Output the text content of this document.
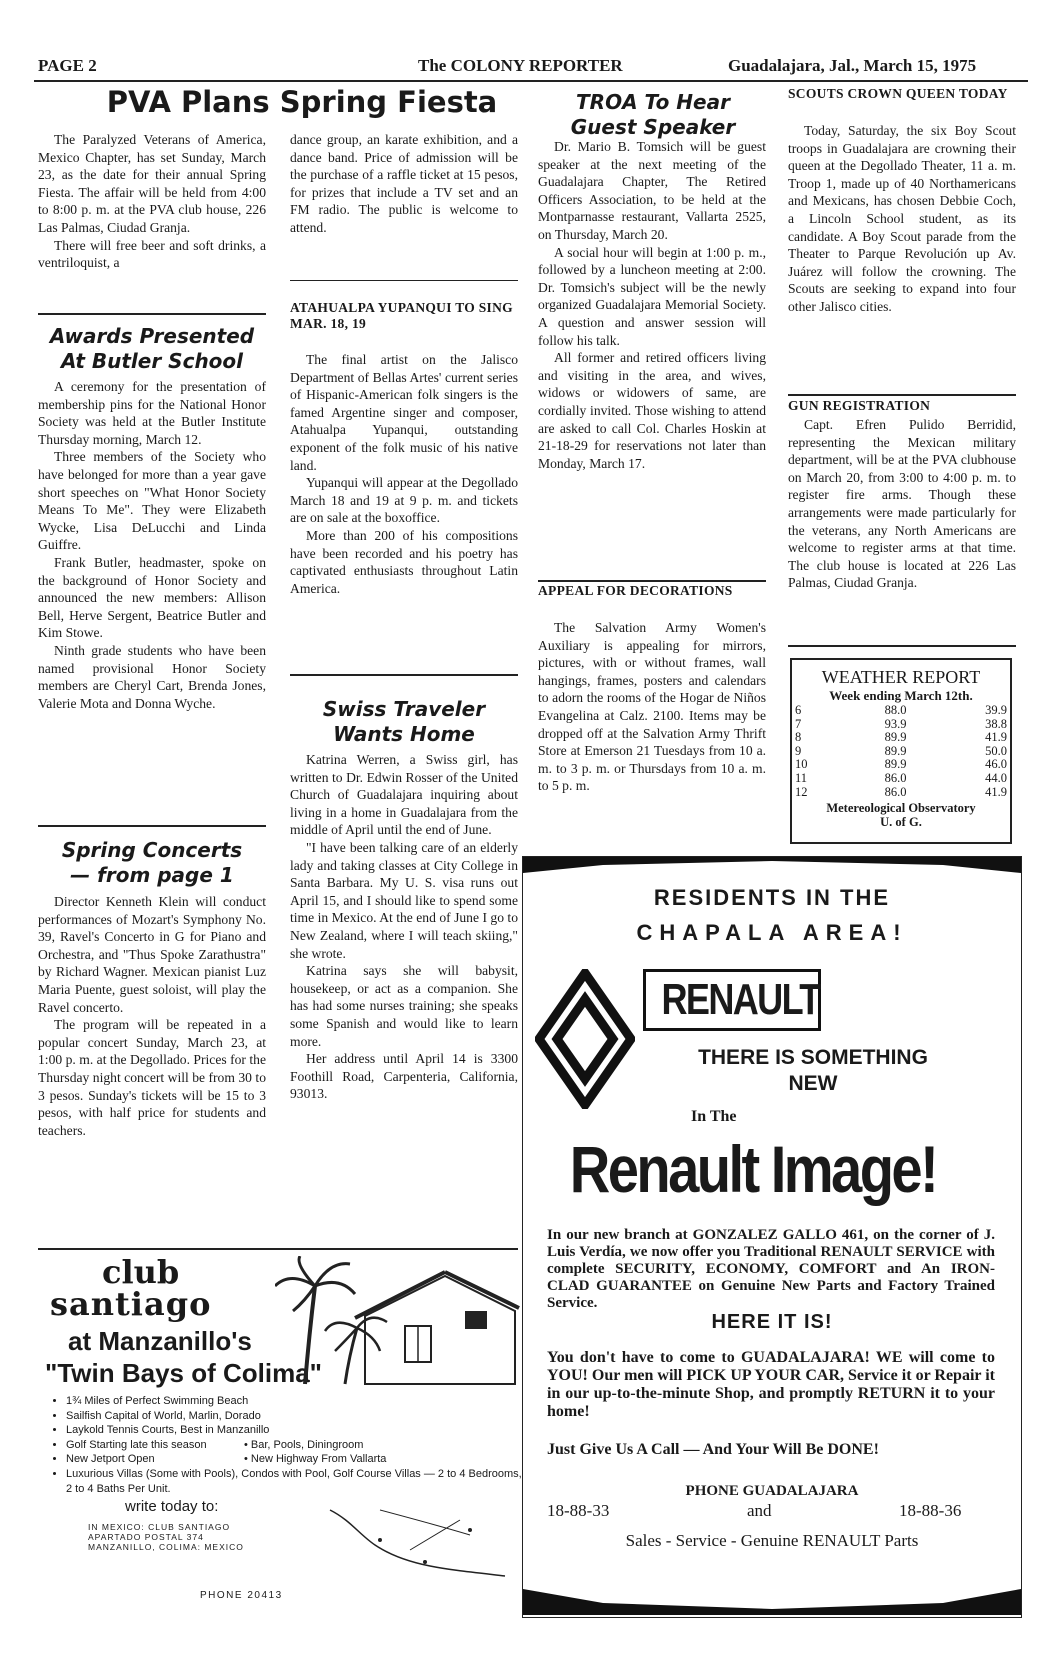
PAGE 2	The COLONY REPORTER	Guadalajara, Jal., March 15, 1975
PVA Plans Spring Fiesta

The Paralyzed Veterans of America, Mexico Chapter, has set Sunday, March 23, as the date for their annual Spring Fiesta. The affair will be held from 4:00 to 8:00 p. m. at the PVA club house, 226 Las Palmas, Ciudad Granja.

There will free beer and soft drinks, a ventriloquist, a

Awards Presented

At Butler School

A ceremony for the presentation of membership pins for the National Honor Society was held at the Butler Institute Thursday morning, March 12.

Three members of the Society who have belonged for more than a year gave short speeches on "What Honor Society Means To Me". They were Elizabeth Wycke, Lisa DeLucchi and Linda Guiffre.

Frank Butler, headmaster, spoke on the background of Honor Society and announced the new members: Allison Bell, Herve Sergent, Beatrice Butler and Kim Stowe.

Ninth grade students who have been named provisional Honor Society members are Cheryl Cart, Brenda Jones, Valerie Mota and Donna Wyche.

Spring Concerts

— from page 1

Director Kenneth Klein will conduct performances of Mozart's Symphony No. 39, Ravel's Concerto in G for Piano and Orchestra, and "Thus Spoke Zarathustra" by Richard Wagner. Mexican pianist Luz Maria Puente, guest soloist, will play the Ravel concerto.

The program will be repeated in a popular concert Sunday, March 23, at 1:00 p. m. at the Degollado. Prices for the Thursday night concert will be from 30 to 3 pesos. Sunday's tickets will be 15 to 3 pesos, with half price for students and teachers.

dance group, an karate exhibition, and a dance band. Price of admission will be the purchase of a raffle ticket at 15 pesos, for prizes that include a TV set and an FM radio. The public is welcome to attend.

ATAHUALPA YUPANQUI TO SING MAR. 18, 19

The final artist on the Jalisco Department of Bellas Artes' current series of Hispanic-American folk singers is the famed Argentine singer and composer, Atahualpa Yupanqui, outstanding exponent of the folk music of his native land.

Yupanqui will appear at the Degollado March 18 and 19 at 9 p. m. and tickets are on sale at the boxoffice.

More than 200 of his compositions have been recorded and his poetry has captivated enthusiasts throughout Latin America.

Swiss Traveler

Wants Home

Katrina Werren, a Swiss girl, has written to Dr. Edwin Rosser of the United Church of Guadalajara inquiring about living in a home in Guadalajara from the middle of April until the end of June.

"I have been talking care of an elderly lady and taking classes at City College in Santa Barbara. My U. S. visa runs out April 15, and I should like to spend some time in Mexico. At the end of June I go to New Zealand, where I will teach skiing," she wrote.

Katrina says she will babysit, housekeep, or act as a companion. She has had some nurses training; she speaks some Spanish and would like to learn more.

Her address until April 14 is 3300 Foothill Road, Carpenteria, California, 93013.

TROA To Hear

Guest Speaker

Dr. Mario B. Tomsich will be guest speaker at the next meeting of the Guadalajara Chapter, The Retired Officers Association, to be held at the Montparnasse restaurant, Vallarta 2525, on Thursday, March 20.

A social hour will begin at 1:00 p. m., followed by a luncheon meeting at 2:00. Dr. Tomsich's subject will be the newly organized Guadalajara Memorial Society. A question and answer session will follow his talk.

All former and retired officers living and visiting in the area, and wives, widows or widowers of same, are cordially invited. Those wishing to attend are asked to call Col. Charles Hoskin at 21-18-29 for reservations not later than Monday, March 17.

APPEAL FOR DECORATIONS

The Salvation Army Women's Auxiliary is appealing for mirrors, pictures, with or without frames, wall hangings, frames, posters and calendars to adorn the rooms of the Hogar de Niños Evangelina at Calz. 2100. Items may be dropped off at the Salvation Army Thrift Store at Emerson 21 Tuesdays from 10 a. m. to 3 p. m. or Thursdays from 10 a. m. to 5 p. m.

SCOUTS CROWN QUEEN TODAY

Today, Saturday, the six Boy Scout troops in Guadalajara are crowning their queen at the Degollado Theater, 11 a. m. Troop 1, made up of 40 Northamericans and Mexicans, has chosen Debbie Coch, a Lincoln School student, as its candidate. A Boy Scout parade from the Theater to Parque Revolución up Av. Juárez will follow the crowning. The Scouts are seeking to expand into four other Jalisco cities.

GUN REGISTRATION

Capt. Efren Pulido Berridid, representing the Mexican military department, will be at the PVA clubhouse on March 20, from 3:00 to 4:00 p. m. to register fire arms. Though these arrangements were made particularly for the veterans, any North Americans are welcome to register arms at that time. The club house is located at 226 Las Palmas, Ciudad Granja.

WEATHER REPORT
Week ending March 12th.
6	88.0	39.9
7	93.9	38.8
8	89.9	41.9
9	89.9	50.0
10	89.9	46.0
11	86.0	44.0
12	86.0	41.9
Metereological Observatory
U. of G.
club
santiago
at Manzanillo's
"Twin Bays of Colima"
• 1¾ Miles of Perfect Swimming Beach
• Sailfish Capital of World, Marlin, Dorado
• Laykold Tennis Courts, Best in Manzanillo
• Golf Starting late this season	• Bar, Pools, Diningroom
• New Jetport Open	• New Highway From Vallarta
• Luxurious Villas (Some with Pools), Condos with Pool, Golf Course Villas — 2 to 4 Bedrooms, 2 to 4 Baths Per Unit.
write today to:
IN MEXICO: CLUB SANTIAGO
APARTADO POSTAL 374
MANZANILLO, COLIMA: MEXICO
PHONE 20413
RESIDENTS IN THE
CHAPALA AREA!
RENAULT
THERE IS SOMETHING
NEW
In The
Renault Image!
In our new branch at GONZALEZ GALLO 461, on the corner of J. Luis Verdía, we now offer you Traditional RENAULT SERVICE with complete SECURITY, ECONOMY, COMFORT and An IRON-CLAD GUARANTEE on Genuine New Parts and Factory Trained Service.
HERE IT IS!
You don't have to come to GUADALAJARA! WE will come to YOU! Our men will PICK UP YOUR CAR, Service it or Repair it in our up-to-the-minute Shop, and promptly RETURN it to your home!
Just Give Us A Call — And Your Will Be DONE!
PHONE GUADALAJARA
18-88-33	and	18-88-36
Sales - Service - Genuine RENAULT Parts
